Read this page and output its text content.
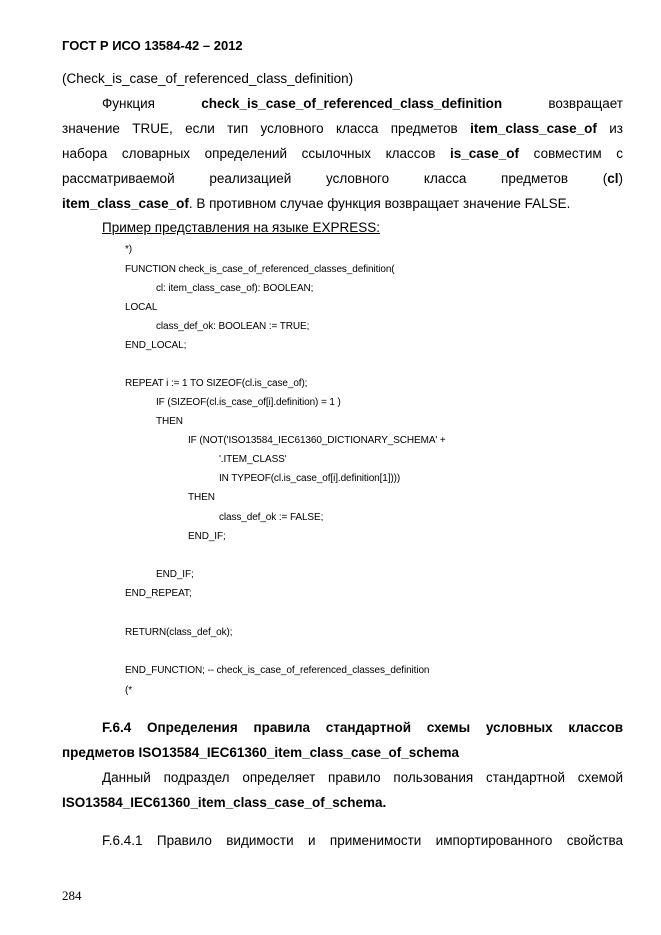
ГОСТ Р ИСО 13584-42 – 2012
(Check_is_case_of_referenced_class_definition)
Функция	check_is_case_of_referenced_class_definition	возвращает
значение TRUE, если тип условного класса предметов item_class_case_of из
набора словарных определений ссылочных классов is_case_of совместим с
рассматриваемой реализацией условного класса предметов (cl)
item_class_case_of. В противном случае функция возвращает значение FALSE.
Пример представления на языке EXPRESS:
*)
FUNCTION check_is_case_of_referenced_classes_definition(
cl: item_class_case_of): BOOLEAN;
LOCAL
class_def_ok: BOOLEAN := TRUE;
END_LOCAL;
REPEAT i := 1 TO SIZEOF(cl.is_case_of);
IF (SIZEOF(cl.is_case_of[i].definition) = 1 )
THEN
IF (NOT('ISO13584_IEC61360_DICTIONARY_SCHEMA' +
'.ITEM_CLASS'
IN TYPEOF(cl.is_case_of[i].definition[1])))
THEN
class_def_ok := FALSE;
END_IF;
END_IF;
END_REPEAT;
RETURN(class_def_ok);
END_FUNCTION; -- check_is_case_of_referenced_classes_definition
(*
F.6.4 Определения правила стандартной схемы условных классов
предметов ISO13584_IEC61360_item_class_case_of_schema
Данный подраздел определяет правило пользования стандартной схемой
ISO13584_IEC61360_item_class_case_of_schema.
F.6.4.1 Правило видимости и применимости импортированного свойства
284
